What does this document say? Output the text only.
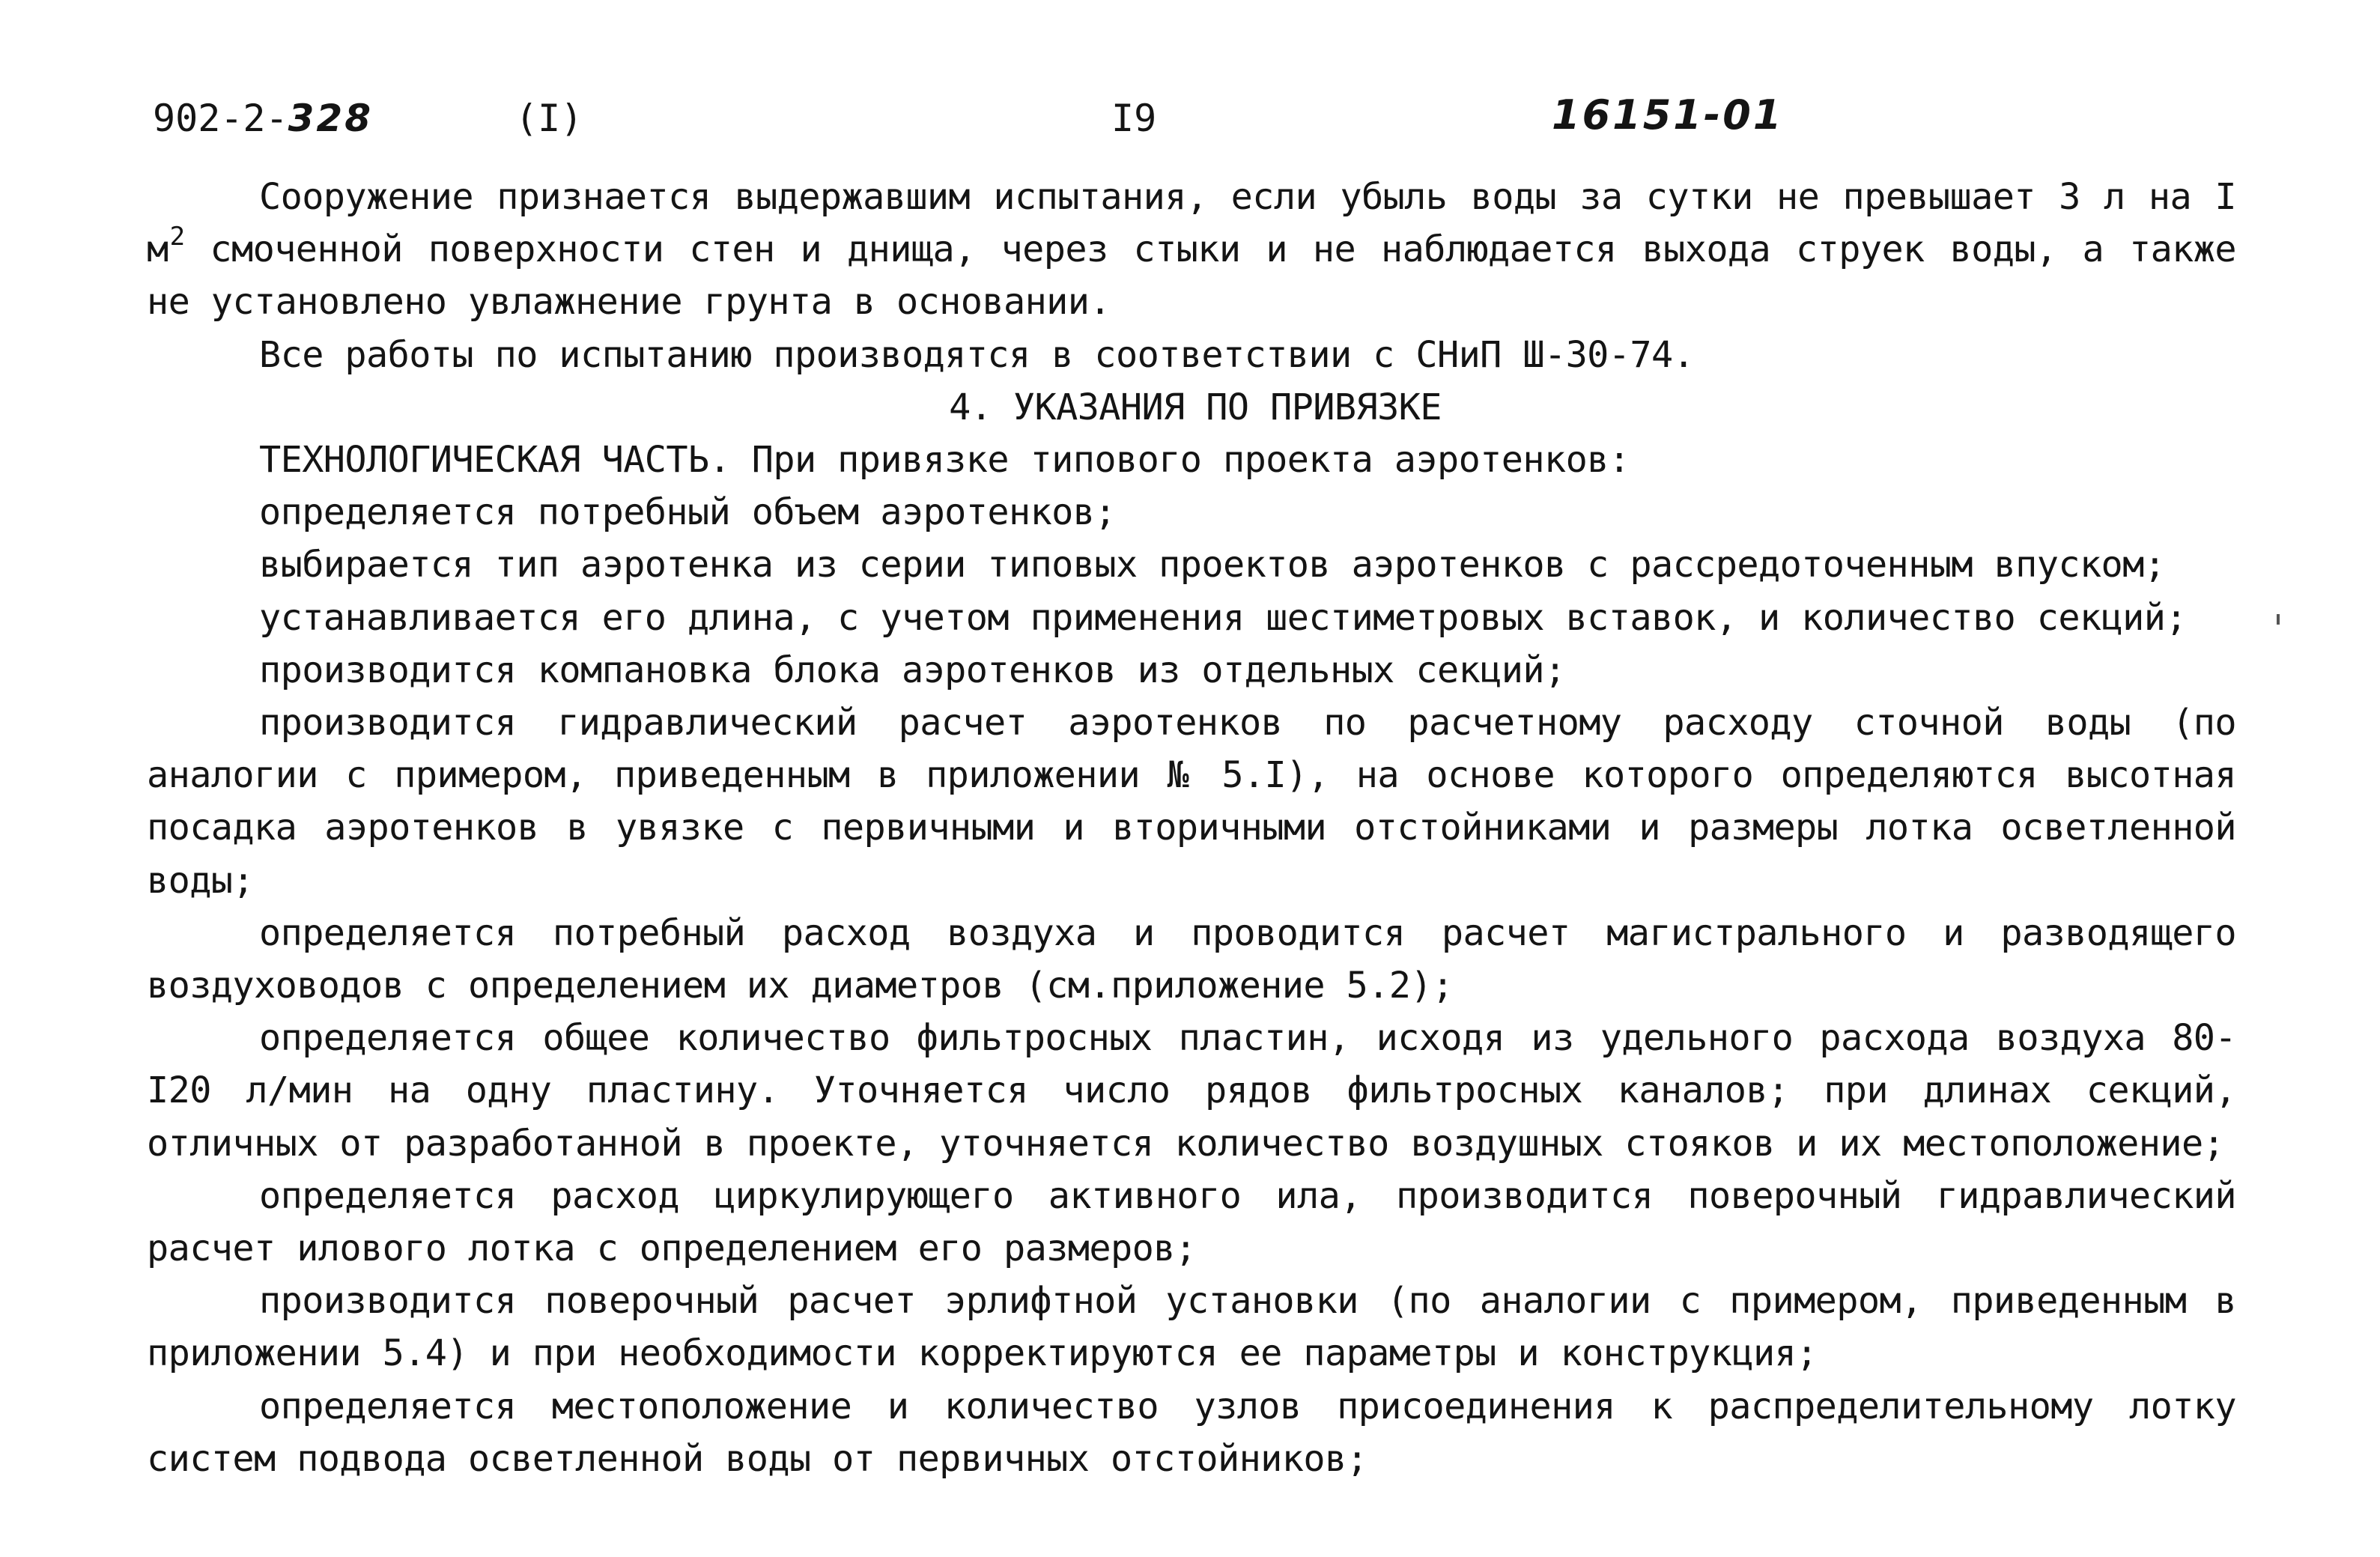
902-2-328	(I)	I9	16151-01

Сооружение признается выдержавшим испытания, если убыль воды за сутки не превышает 3 л на I $м^2$ смоченной поверхности стен и днища, через стыки и не наблюдается выхода струек воды, а также не установлено увлажнение грунта в основании.

Все работы по испытанию производятся в соответствии с СНиП Ш-30-74.

4. УКАЗАНИЯ ПО ПРИВЯЗКЕ

ТЕХНОЛОГИЧЕСКАЯ ЧАСТЬ. При привязке типового проекта аэротенков:

определяется потребный объем аэротенков;

выбирается тип аэротенка из серии типовых проектов аэротенков с рассредоточенным впуском;

устанавливается его длина, с учетом применения шестиметровых вставок, и количество секций;

производится компановка блока аэротенков из отдельных секций;

производится гидравлический расчет аэротенков по расчетному расходу сточной воды (по аналогии с примером, приведенным в приложении № 5.I), на основе которого определяются высотная посадка аэротенков в увязке с первичными и вторичными отстойниками и размеры лотка осветленной воды;

определяется потребный расход воздуха и проводится расчет магистрального и разводящего воздуховодов с определением их диаметров (см.приложение 5.2);

определяется общее количество фильтросных пластин, исходя из удельного расхода воздуха 80-I20 л/мин на одну пластину. Уточняется число рядов фильтросных каналов; при длинах секций, отличных от разработанной в проекте, уточняется количество воздушных стояков и их местоположение;

определяется расход циркулирующего активного ила, производится поверочный гидравлический расчет илового лотка с определением его размеров;

производится поверочный расчет эрлифтной установки (по аналогии с примером, приведенным в приложении 5.4) и при необходимости корректируются ее параметры и конструкция;

определяется местоположение и количество узлов присоединения к распределительному лотку систем подвода осветленной воды от первичных отстойников;
